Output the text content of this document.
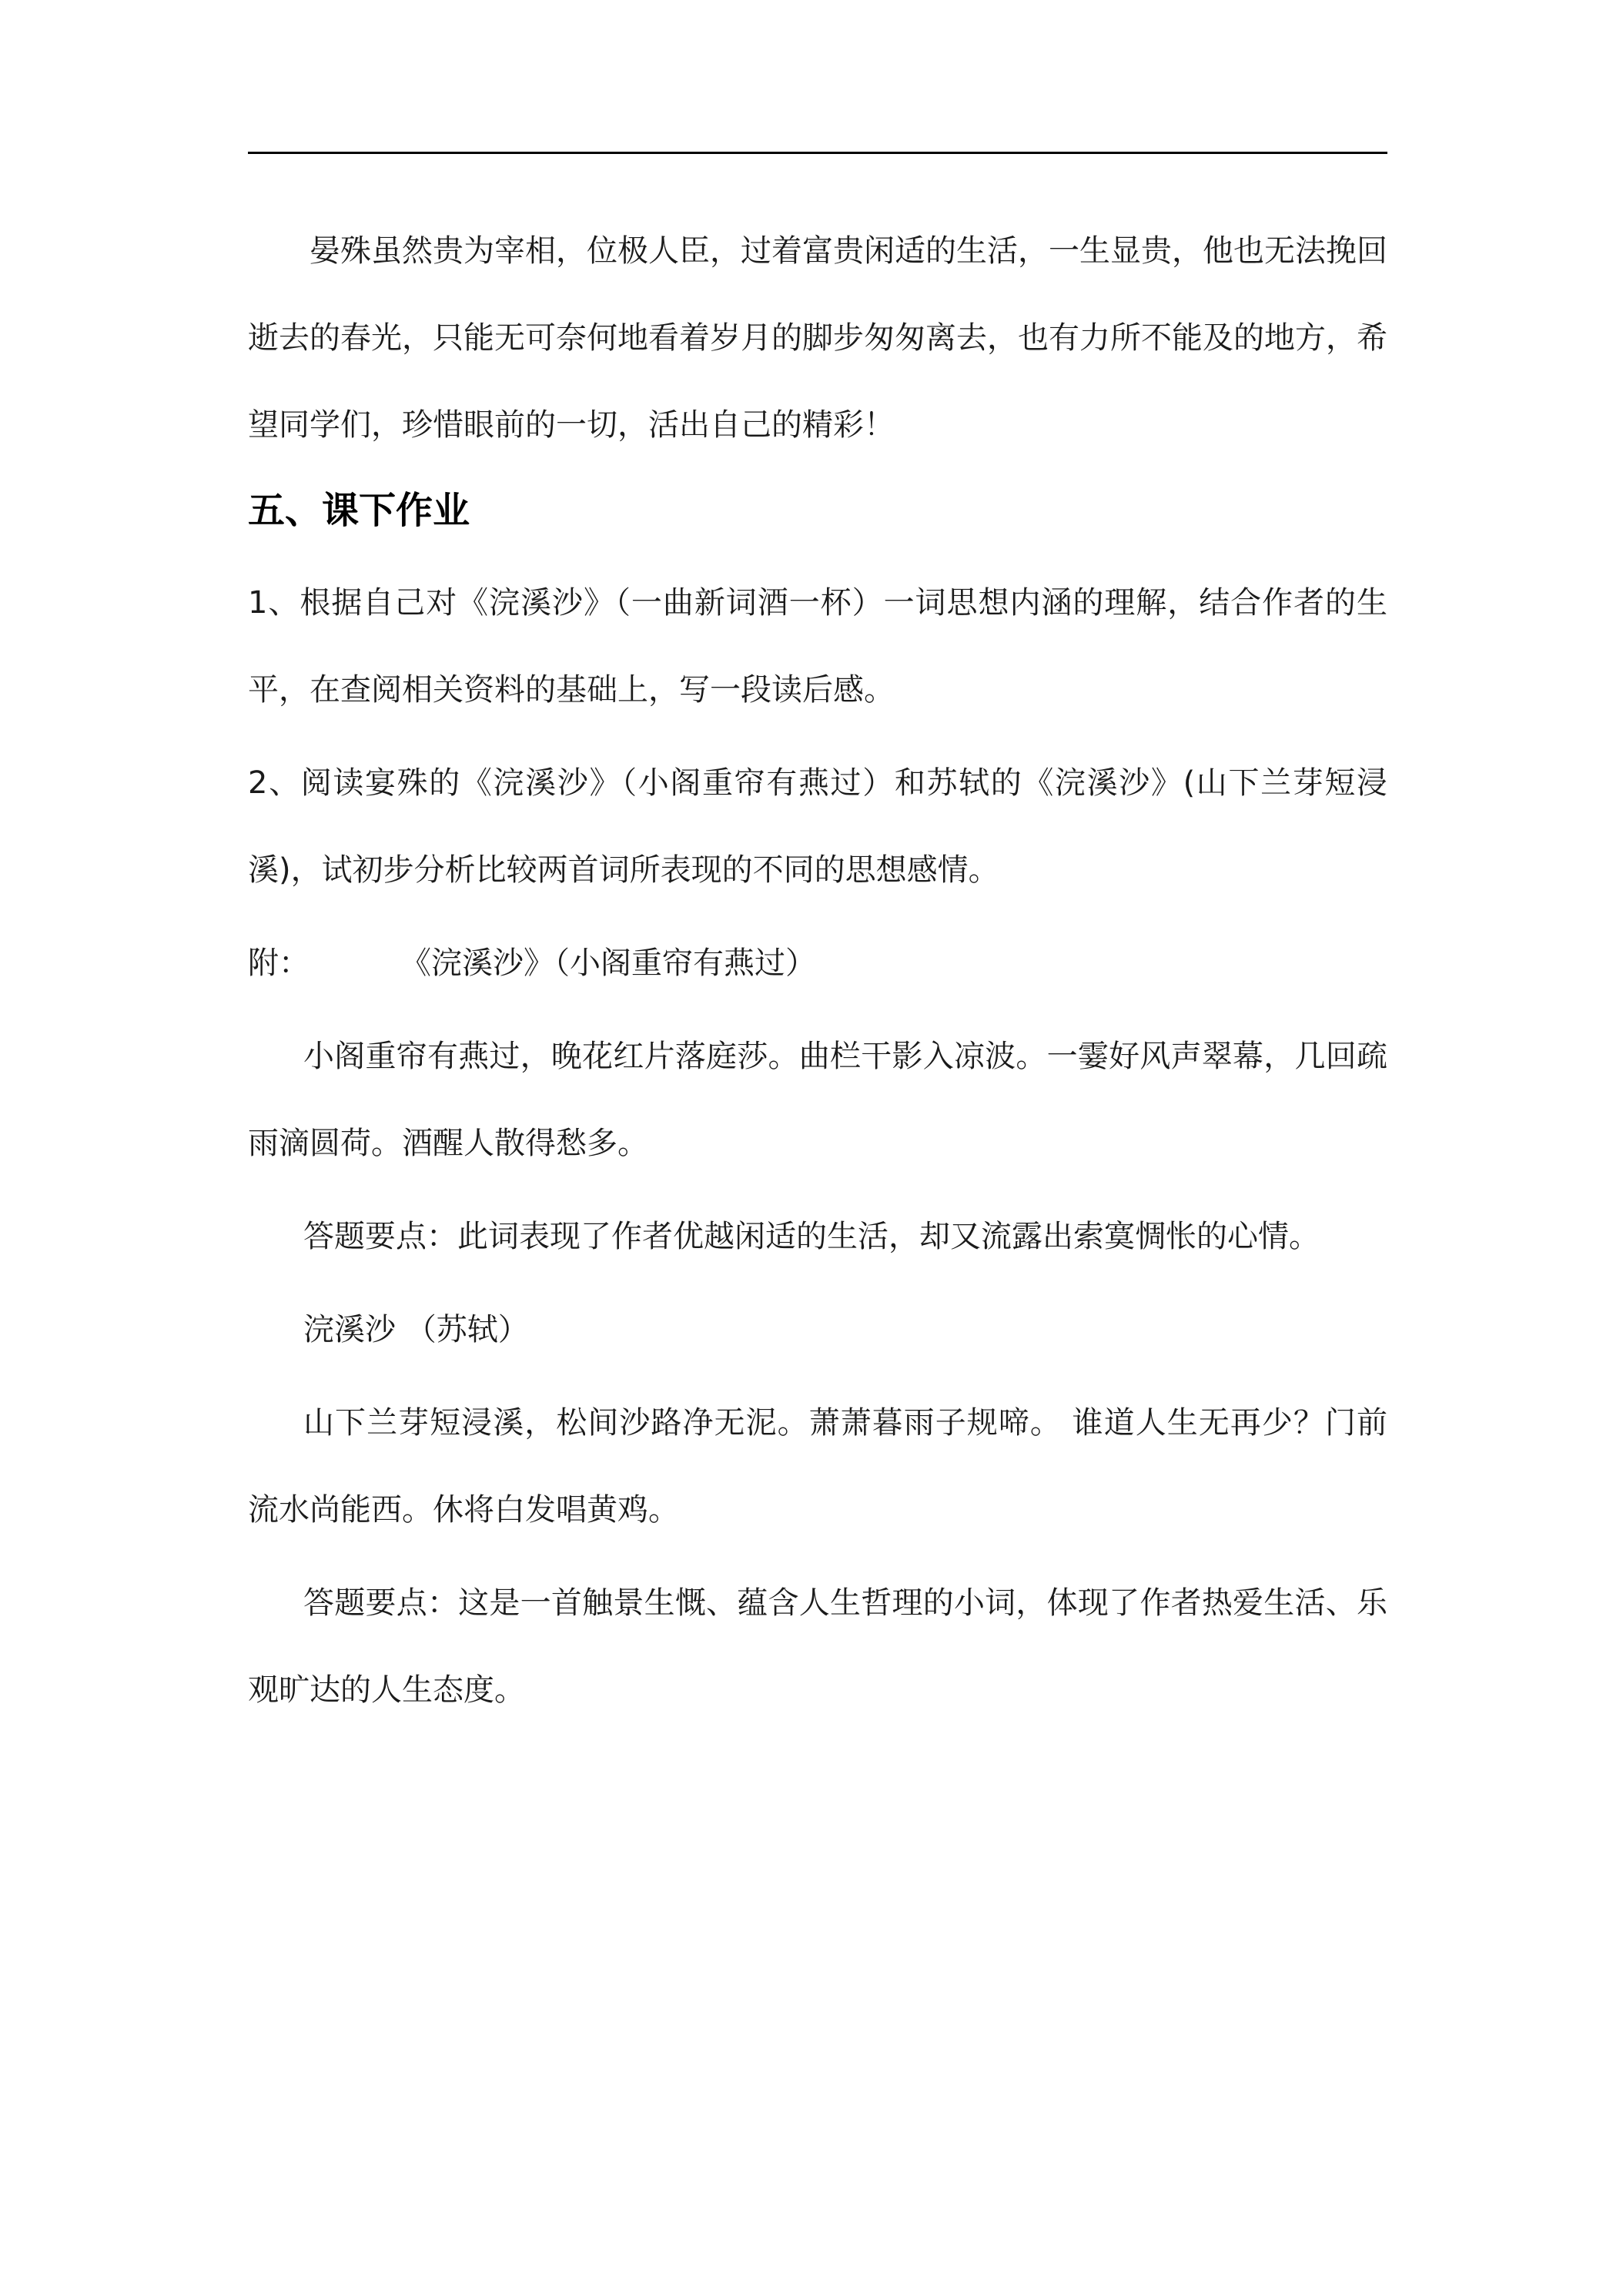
晏殊虽然贵为宰相，位极人臣，过着富贵闲适的生活，一生显贵，他也无法挽回逝去的春光，只能无可奈何地看着岁月的脚步匆匆离去，也有力所不能及的地方，希望同学们，珍惜眼前的一切，活出自己的精彩！

五、课下作业

1、根据自己对《浣溪沙》（一曲新词酒一杯）一词思想内涵的理解，结合作者的生平，在查阅相关资料的基础上，写一段读后感。

2、阅读宴殊的《浣溪沙》（小阁重帘有燕过）和苏轼的《浣溪沙》(山下兰芽短浸溪)，试初步分析比较两首词所表现的不同的思想感情。

附：	《浣溪沙》（小阁重帘有燕过）

小阁重帘有燕过，晚花红片落庭莎。曲栏干影入凉波。一霎好风声翠幕，几回疏雨滴圆荷。酒醒人散得愁多。

答题要点：此词表现了作者优越闲适的生活，却又流露出索寞惆怅的心情。

浣溪沙 （苏轼）

山下兰芽短浸溪，松间沙路净无泥。萧萧暮雨子规啼。 谁道人生无再少？门前流水尚能西。休将白发唱黄鸡。

答题要点：这是一首触景生慨、蕴含人生哲理的小词，体现了作者热爱生活、乐观旷达的人生态度。
